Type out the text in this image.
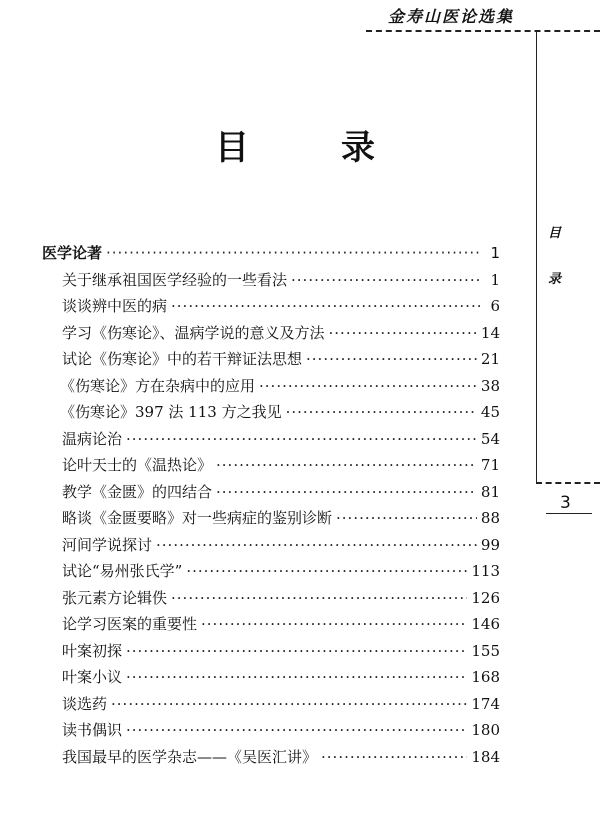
金寿山医论选集
目
录
3
目	录
医学论著 ·····	1
关于继承祖国医学经验的一些看法 ·····	1
谈谈辨中医的病 ·····	6
学习《伤寒论》、温病学说的意义及方法 ·····	14
试论《伤寒论》中的若干辩证法思想 ·····	21
《伤寒论》方在杂病中的应用 ·····	38
《伤寒论》397 法 113 方之我见 ·····	45
温病论治 ·····	54
论叶天士的《温热论》 ·····	71
教学《金匮》的四结合 ·····	81
略谈《金匮要略》对一些病症的鉴别诊断 ·····	88
河间学说探讨 ·····	99
试论“易州张氏学” ·····	113
张元素方论辑佚 ·····	126
论学习医案的重要性 ·····	146
叶案初探 ·····	155
叶案小议 ·····	168
谈选药 ·····	174
读书偶识 ·····	180
我国最早的医学杂志——《吴医汇讲》 ·····	184
